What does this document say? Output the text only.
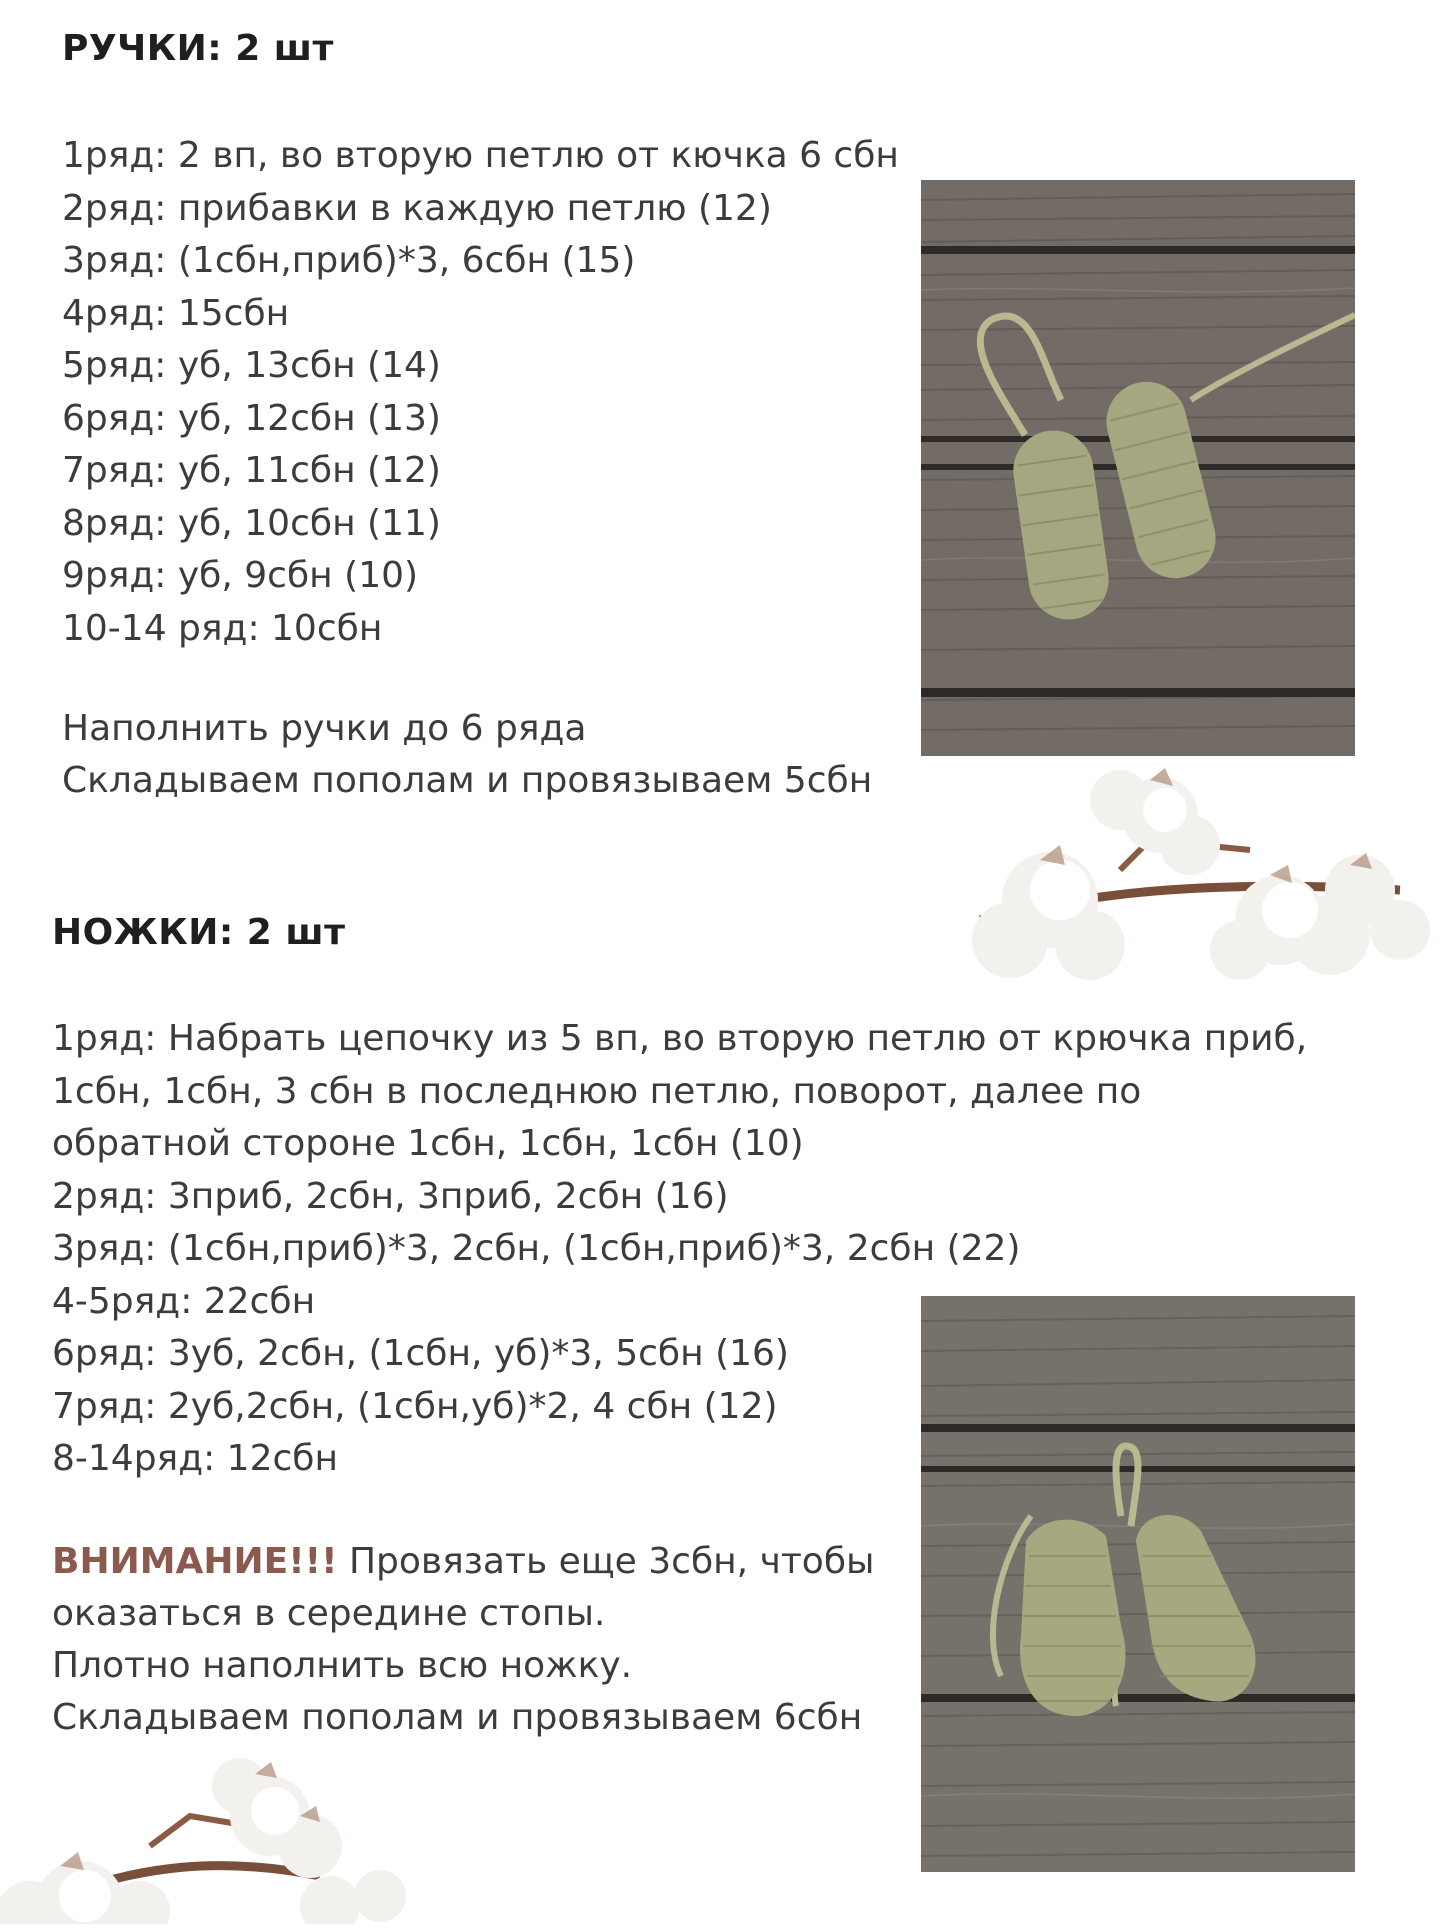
РУЧКИ: 2 шт
1ряд: 2 вп, во вторую петлю от кючка 6 сбн
2ряд: прибавки в каждую петлю (12)
3ряд: (1сбн,приб)*3, 6сбн (15)
4ряд: 15сбн
5ряд: уб, 13сбн (14)
6ряд: уб, 12сбн (13)
7ряд: уб, 11сбн (12)
8ряд: уб, 10сбн (11)
9ряд: уб, 9сбн (10)
10-14 ряд: 10сбн

Наполнить ручки до 6 ряда

Складываем пополам и провязываем 5сбн

НОЖКИ: 2 шт
1ряд: Набрать цепочку из 5 вп, во вторую петлю от крючка приб,
1сбн, 1сбн, 3 сбн в последнюю петлю, поворот, далее по
обратной стороне 1сбн, 1сбн, 1сбн (10)
2ряд: 3приб, 2сбн, 3приб, 2сбн (16)
3ряд: (1сбн,приб)*3, 2сбн, (1сбн,приб)*3, 2сбн (22)
4-5ряд: 22сбн
6ряд: 3уб, 2сбн, (1сбн, уб)*3, 5сбн (16)
7ряд: 2уб,2сбн, (1сбн,уб)*2, 4 сбн (12)
8-14ряд: 12сбн

ВНИМАНИЕ!!! Провязать еще 3сбн, чтобы

оказаться в середине стопы.

Плотно наполнить всю ножку.

Складываем пополам и провязываем 6сбн
